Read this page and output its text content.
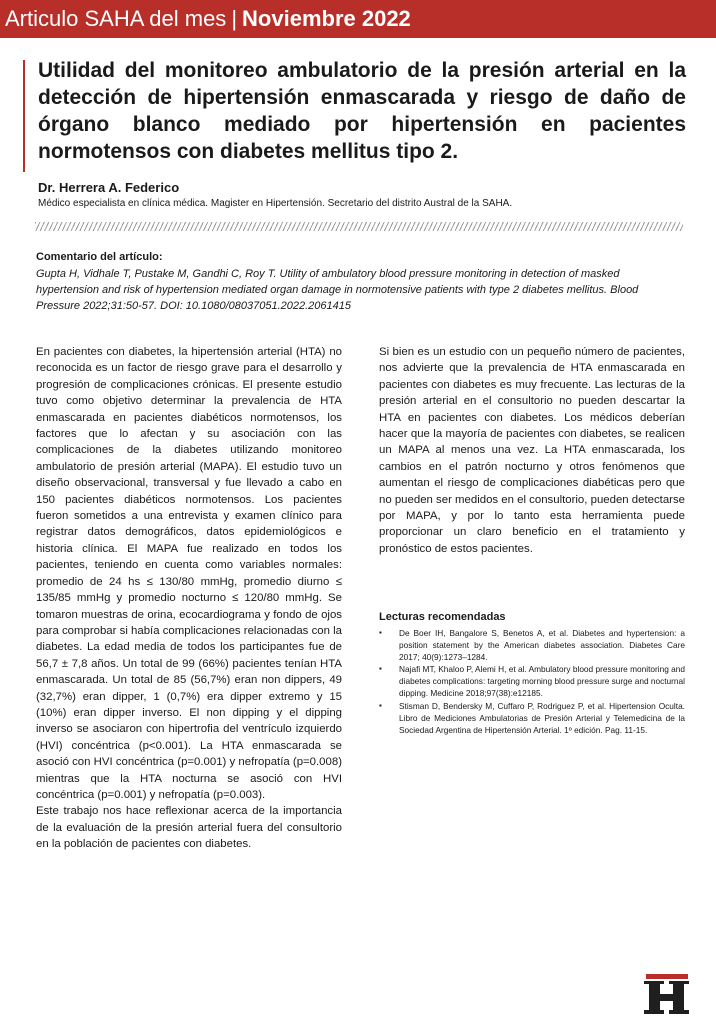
Articulo SAHA del mes | Noviembre 2022
Utilidad del monitoreo ambulatorio de la presión arterial en la detección de hipertensión enmascarada y riesgo de daño de órgano blanco mediado por hipertensión en pacientes normotensos con diabetes mellitus tipo 2.
Dr. Herrera A. Federico
Médico especialista en clínica médica. Magister en Hipertensión. Secretario del distrito Austral de la SAHA.
Comentario del artículo:
Gupta H, Vidhale T, Pustake M, Gandhi C, Roy T. Utility of ambulatory blood pressure monitoring in detection of masked hypertension and risk of hypertension mediated organ damage in normotensive patients with type 2 diabetes mellitus. Blood Pressure 2022;31:50-57. DOI: 10.1080/08037051.2022.2061415

En pacientes con diabetes, la hipertensión arterial (HTA) no reconocida es un factor de riesgo grave para el desarrollo y progresión de complicaciones crónicas. El presente estudio tuvo como objetivo determinar la prevalencia de HTA enmascarada en pacientes diabéticos normotensos, los factores que lo afectan y su asociación con las complicaciones de la diabetes utilizando monitoreo ambulatorio de presión arterial (MAPA). El estudio tuvo un diseño observacional, transversal y fue llevado a cabo en 150 pacientes diabéticos normotensos. Los pacientes fueron sometidos a una entrevista y examen clínico para registrar datos demográficos, datos epidemiológicos e historia clínica. El MAPA fue realizado en todos los pacientes, teniendo en cuenta como variables normales: promedio de 24 hs ≤ 130/80 mmHg, promedio diurno ≤ 135/85 mmHg y promedio nocturno ≤ 120/80 mmHg. Se tomaron muestras de orina, ecocardiograma y fondo de ojos para comprobar si había complicaciones relacionadas con la diabetes. La edad media de todos los participantes fue de 56,7 ± 7,8 años. Un total de 99 (66%) pacientes tenían HTA enmascarada. Un total de 85 (56,7%) eran non dippers, 49 (32,7%) eran dipper, 1 (0,7%) era dipper extremo y 15 (10%) eran dipper inverso. El non dipping y el dipping inverso se asociaron con hipertrofia del ventrículo izquierdo (HVI) concéntrica (p<0.001). La HTA enmascarada se asoció con HVI concéntrica (p=0.001) y nefropatía (p=0.008) mientras que la HTA nocturna se asoció con HVI concéntrica (p=0.001) y nefropatía (p=0.003).

Este trabajo nos hace reflexionar acerca de la importancia de la evaluación de la presión arterial fuera del consultorio en la población de pacientes con diabetes.

Si bien es un estudio con un pequeño número de pacientes, nos advierte que la prevalencia de HTA enmascarada en pacientes con diabetes es muy frecuente. Las lecturas de la presión arterial en el consultorio no pueden descartar la HTA en pacientes con diabetes. Los médicos deberían hacer que la mayoría de pacientes con diabetes, se realicen un MAPA al menos una vez. La HTA enmascarada, los cambios en el patrón nocturno y otros fenómenos que aumentan el riesgo de complicaciones diabéticas pero que no pueden ser medidos en el consultorio, pueden detectarse por MAPA, y por lo tanto esta herramienta puede proporcionar un claro beneficio en el tratamiento y pronóstico de estos pacientes.

Lecturas recomendadas
▪ De Boer IH, Bangalore S, Benetos A, et al. Diabetes and hypertension: a position statement by the American diabetes association. Diabetes Care 2017; 40(9):1273–1284.
▪ Najafi MT, Khaloo P, Alemi H, et al. Ambulatory blood pressure monitoring and diabetes complications: targeting morning blood pressure surge and nocturnal dipping. Medicine 2018;97(38):e12185.
▪ Stisman D, Bendersky M, Cuffaro P, Rodriguez P, et al. Hipertension Oculta. Libro de Mediciones Ambulatorias de Presión Arterial y Telemedicina de la Sociedad Argentina de Hipertensión Arterial. 1º edición. Pag. 11-15.
